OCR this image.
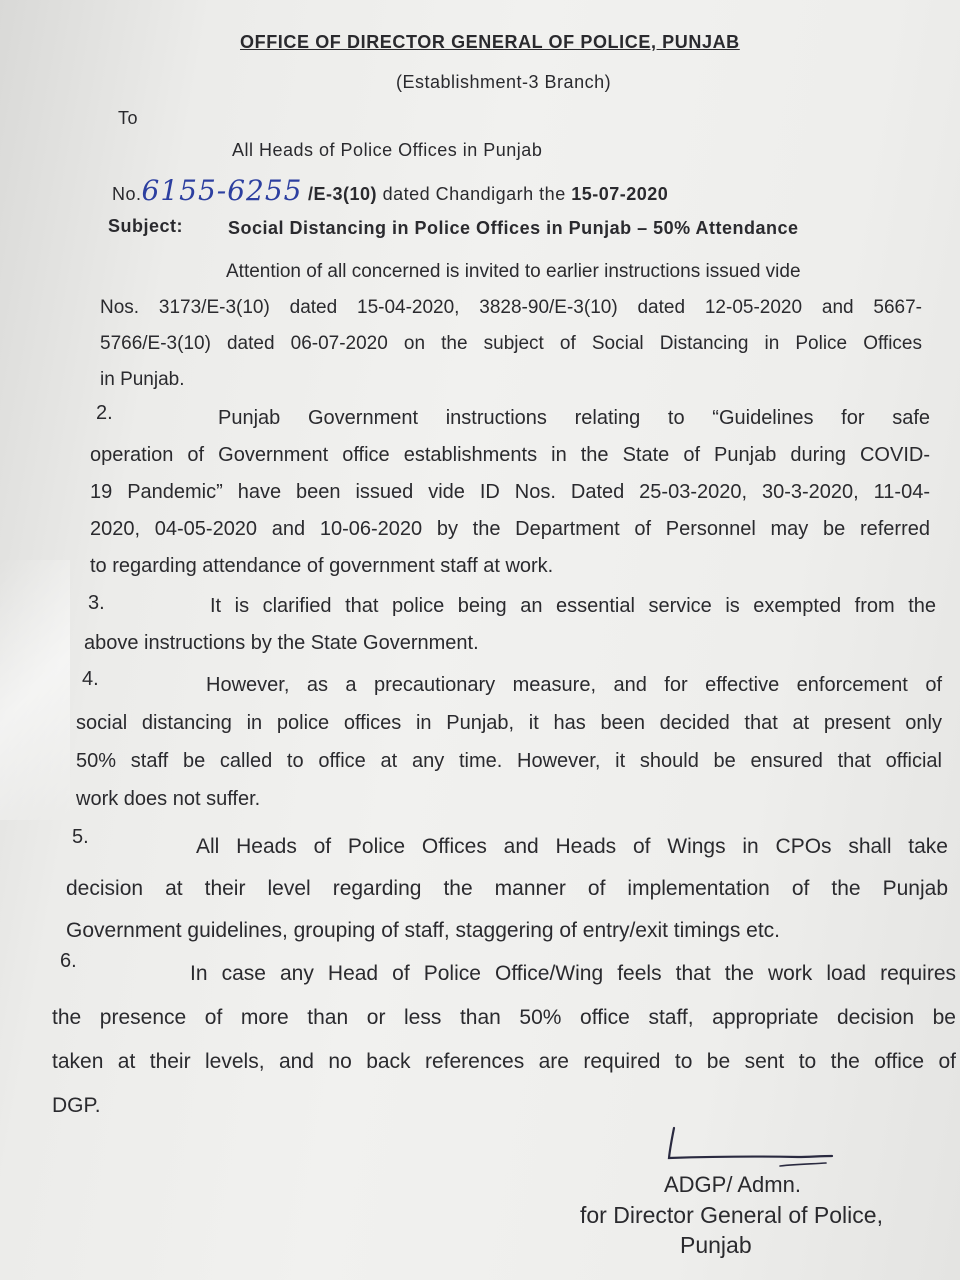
OFFICE OF DIRECTOR GENERAL OF POLICE, PUNJAB
(Establishment-3 Branch)
To
All Heads of Police Offices in Punjab
No.6155-6255 /E-3(10) dated Chandigarh the 15-07-2020
Subject: Social Distancing in Police Offices in Punjab – 50% Attendance
Attention of all concerned is invited to earlier instructions issued vide
Nos. 3173/E-3(10) dated 15-04-2020, 3828-90/E-3(10) dated 12-05-2020 and 5667-
5766/E-3(10) dated 06-07-2020 on the subject of Social Distancing in Police Offices
in Punjab.
2.	Punjab Government instructions relating to “Guidelines for safe
operation of Government office establishments in the State of Punjab during COVID-
19 Pandemic” have been issued vide ID Nos. Dated 25-03-2020, 30-3-2020, 11-04-
2020, 04-05-2020 and 10-06-2020 by the Department of Personnel may be referred
to regarding attendance of government staff at work.
3.	It is clarified that police being an essential service is exempted from the
above instructions by the State Government.
4.	However, as a precautionary measure, and for effective enforcement of
social distancing in police offices in Punjab, it has been decided that at present only
50% staff be called to office at any time. However, it should be ensured that official
work does not suffer.
5.	All Heads of Police Offices and Heads of Wings in CPOs shall take
decision at their level regarding the manner of implementation of the Punjab
Government guidelines, grouping of staff, staggering of entry/exit timings etc.
6.
In case any Head of Police Office/Wing feels that the work load requires
the presence of more than or less than 50% office staff, appropriate decision be
taken at their levels, and no back references are required to be sent to the office of
DGP.
ADGP/ Admn.
for Director General of Police,
Punjab
